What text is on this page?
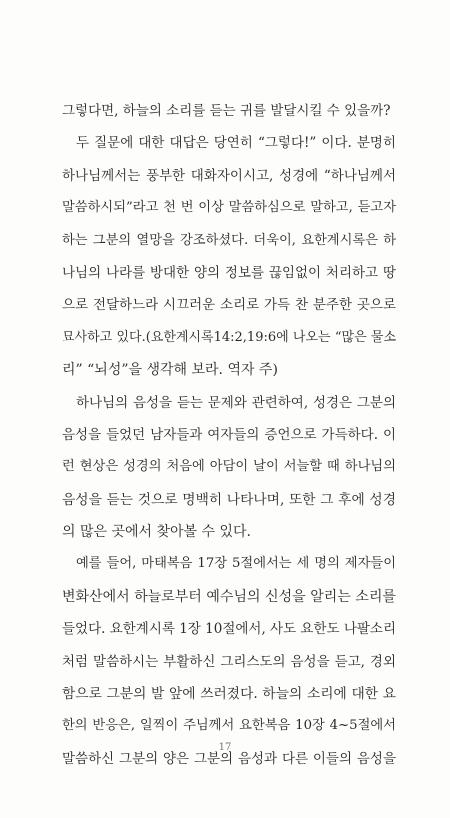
그렇다면, 하늘의 소리를 듣는 귀를 발달시킬 수 있을까?
두 질문에 대한 대답은 당연히 “그렇다!” 이다. 분명히
하나님께서는 풍부한 대화자이시고, 성경에 “하나님께서
말씀하시되”라고 천 번 이상 말씀하심으로 말하고, 듣고자
하는 그분의 열망을 강조하셨다. 더욱이, 요한계시록은 하
나님의 나라를 방대한 양의 정보를 끊임없이 처리하고 땅
으로 전달하느라 시끄러운 소리로 가득 찬 분주한 곳으로
묘사하고 있다.(요한계시록14:2,19:6에 나오는 “많은 물소
리” “뇌성”을 생각해 보라. 역자 주)
하나님의 음성을 듣는 문제와 관련하여, 성경은 그분의
음성을 들었던 남자들과 여자들의 증언으로 가득하다. 이
런 현상은 성경의 처음에 아담이 날이 서늘할 때 하나님의
음성을 듣는 것으로 명백히 나타나며, 또한 그 후에 성경
의 많은 곳에서 찾아볼 수 있다.
예를 들어, 마태복음 17장 5절에서는 세 명의 제자들이
변화산에서 하늘로부터 예수님의 신성을 알리는 소리를
들었다. 요한계시록 1장 10절에서, 사도 요한도 나팔소리
처럼 말씀하시는 부활하신 그리스도의 음성을 듣고, 경외
함으로 그분의 발 앞에 쓰러졌다. 하늘의 소리에 대한 요
한의 반응은, 일찍이 주님께서 요한복음 10장 4~5절에서
말씀하신 그분의 양은 그분의 음성과 다른 이들의 음성을
17
